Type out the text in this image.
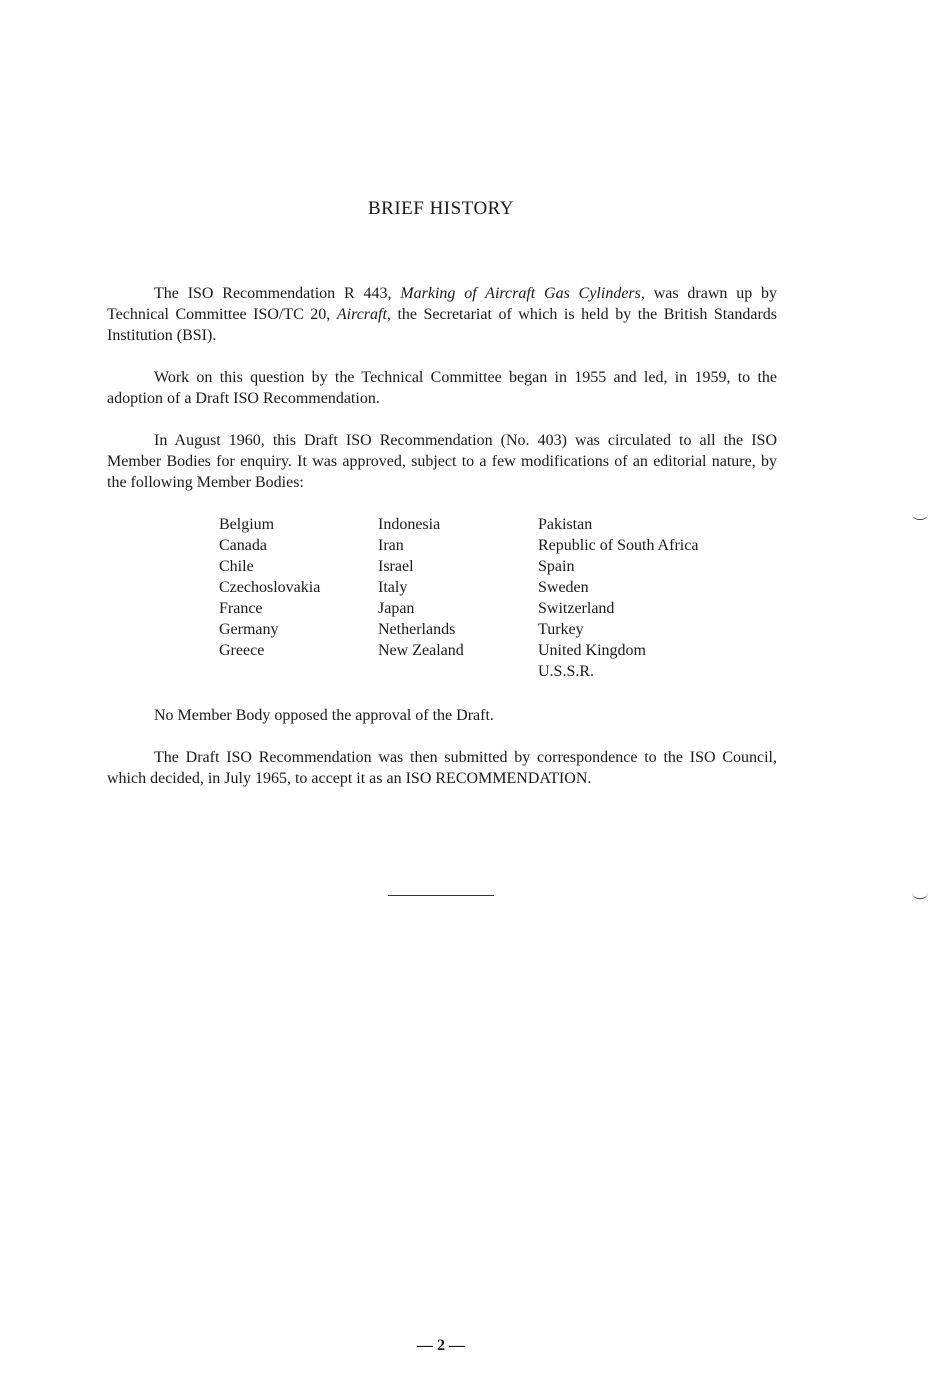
BRIEF HISTORY

The ISO Recommendation R 443, Marking of Aircraft Gas Cylinders, was drawn up by Technical Committee ISO/TC 20, Aircraft, the Secretariat of which is held by the British Standards Institution (BSI).

Work on this question by the Technical Committee began in 1955 and led, in 1959, to the adoption of a Draft ISO Recommendation.

In August 1960, this Draft ISO Recommendation (No. 403) was circulated to all the ISO Member Bodies for enquiry. It was approved, subject to a few modifications of an editorial nature, by the following Member Bodies:

Belgium
Canada
Chile
Czechoslovakia
France
Germany
Greece
Indonesia
Iran
Israel
Italy
Japan
Netherlands
New Zealand
Pakistan
Republic of South Africa
Spain
Sweden
Switzerland
Turkey
United Kingdom
U.S.S.R.

No Member Body opposed the approval of the Draft.

The Draft ISO Recommendation was then submitted by correspondence to the ISO Council, which decided, in July 1965, to accept it as an ISO RECOMMENDATION.

— 2 —
